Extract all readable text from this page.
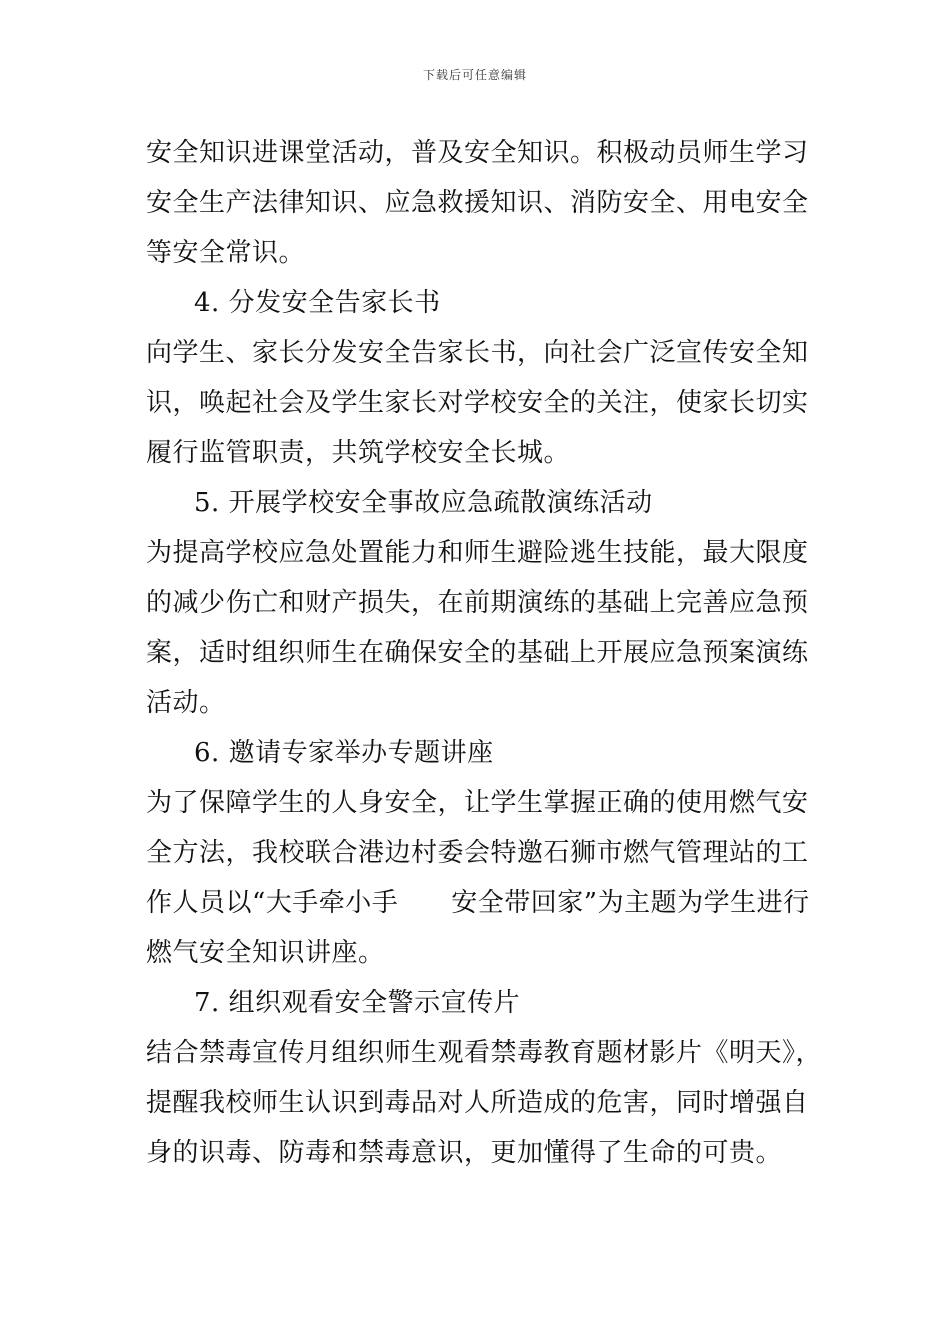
下载后可任意编辑
安全知识进课堂活动，普及安全知识。积极动员师生学习
安全生产法律知识、应急救援知识、消防安全、用电安全
等安全常识。
4. 分发安全告家长书
向学生、家长分发安全告家长书，向社会广泛宣传安全知
识，唤起社会及学生家长对学校安全的关注，使家长切实
履行监管职责，共筑学校安全长城。
5. 开展学校安全事故应急疏散演练活动
为提高学校应急处置能力和师生避险逃生技能，最大限度
的减少伤亡和财产损失，在前期演练的基础上完善应急预
案，适时组织师生在确保安全的基础上开展应急预案演练
活动。
6. 邀请专家举办专题讲座
为了保障学生的人身安全，让学生掌握正确的使用燃气安
全方法，我校联合港边村委会特邀石狮市燃气管理站的工
作人员以“大手牵小手　　安全带回家”为主题为学生进行
燃气安全知识讲座。
7. 组织观看安全警示宣传片
结合禁毒宣传月组织师生观看禁毒教育题材影片《明天》，
提醒我校师生认识到毒品对人所造成的危害，同时增强自
身的识毒、防毒和禁毒意识，更加懂得了生命的可贵。
